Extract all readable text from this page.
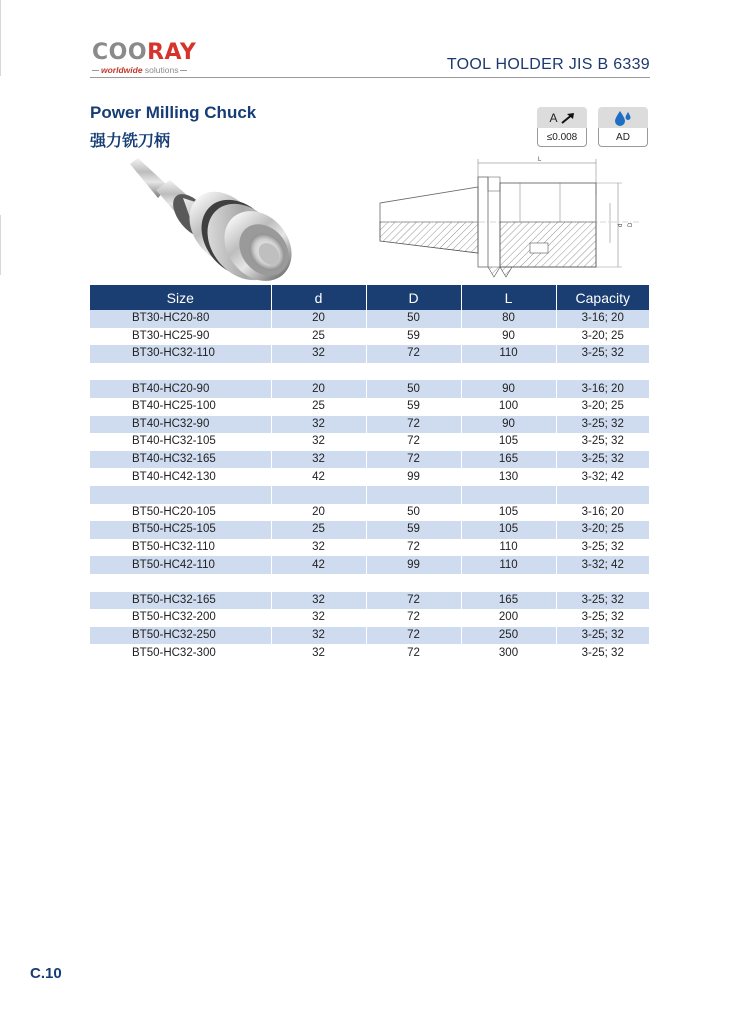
COORAY
worldwide solutions	TOOL HOLDER JIS B 6339
Power Milling Chuck
强力铣刀柄
A
≤0.008	AD
L
D
d
Size	d	D	L	Capacity
BT30-HC20-80	20	50	80	3-16; 20
BT30-HC25-90	25	59	90	3-20; 25
BT30-HC32-110	32	72	110	3-25; 32

BT40-HC20-90	20	50	90	3-16; 20
BT40-HC25-100	25	59	100	3-20; 25
BT40-HC32-90	32	72	90	3-25; 32
BT40-HC32-105	32	72	105	3-25; 32
BT40-HC32-165	32	72	165	3-25; 32
BT40-HC42-130	42	99	130	3-32; 42

BT50-HC20-105	20	50	105	3-16; 20
BT50-HC25-105	25	59	105	3-20; 25
BT50-HC32-110	32	72	110	3-25; 32
BT50-HC42-110	42	99	110	3-32; 42

BT50-HC32-165	32	72	165	3-25; 32
BT50-HC32-200	32	72	200	3-25; 32
BT50-HC32-250	32	72	250	3-25; 32
BT50-HC32-300	32	72	300	3-25; 32
C.10
